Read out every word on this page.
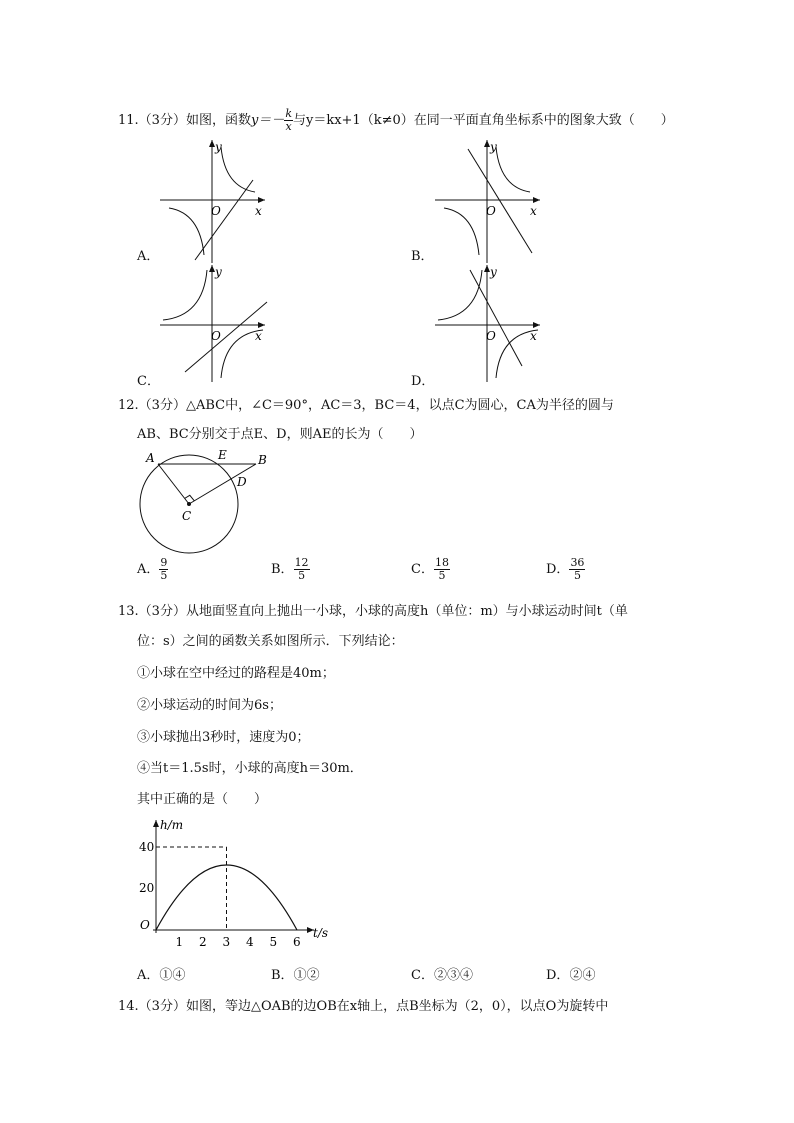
11.（3分）如图，函数$y=- \frac{k}{x}$ 与y＝kx+1（k≠0）在同一平面直角坐标系中的图象大致（　　）
y
x
O
A．
y
x
O
B．
y
x
O
C．
y
x
O
D．
12.（3分）△ABC中，∠C＝90°，AC＝3，BC＝4，以点C为圆心，CA为半径的圆与
AB、BC分别交于点E、D，则AE的长为（　　）
A	E	B
D
C
A． $\frac{9}{5}$	B． $\frac{12}{5}$	C． $\frac{18}{5}$	D． $\frac{36}{5}$
13.（3分）从地面竖直向上抛出一小球，小球的高度h（单位：m）与小球运动时间t（单
位：s）之间的函数关系如图所示．下列结论：
①小球在空中经过的路程是40m；
②小球运动的时间为6s；
③小球抛出3秒时，速度为0；
④当t＝1.5s时，小球的高度h＝30m．
其中正确的是（　　）
h/m
t/s
O
40
20
1 2 3 4 5 6
A．①④	B．①②	C．②③④	D．②④
14.（3分）如图，等边△OAB的边OB在x轴上，点B坐标为（2，0），以点O为旋转中
